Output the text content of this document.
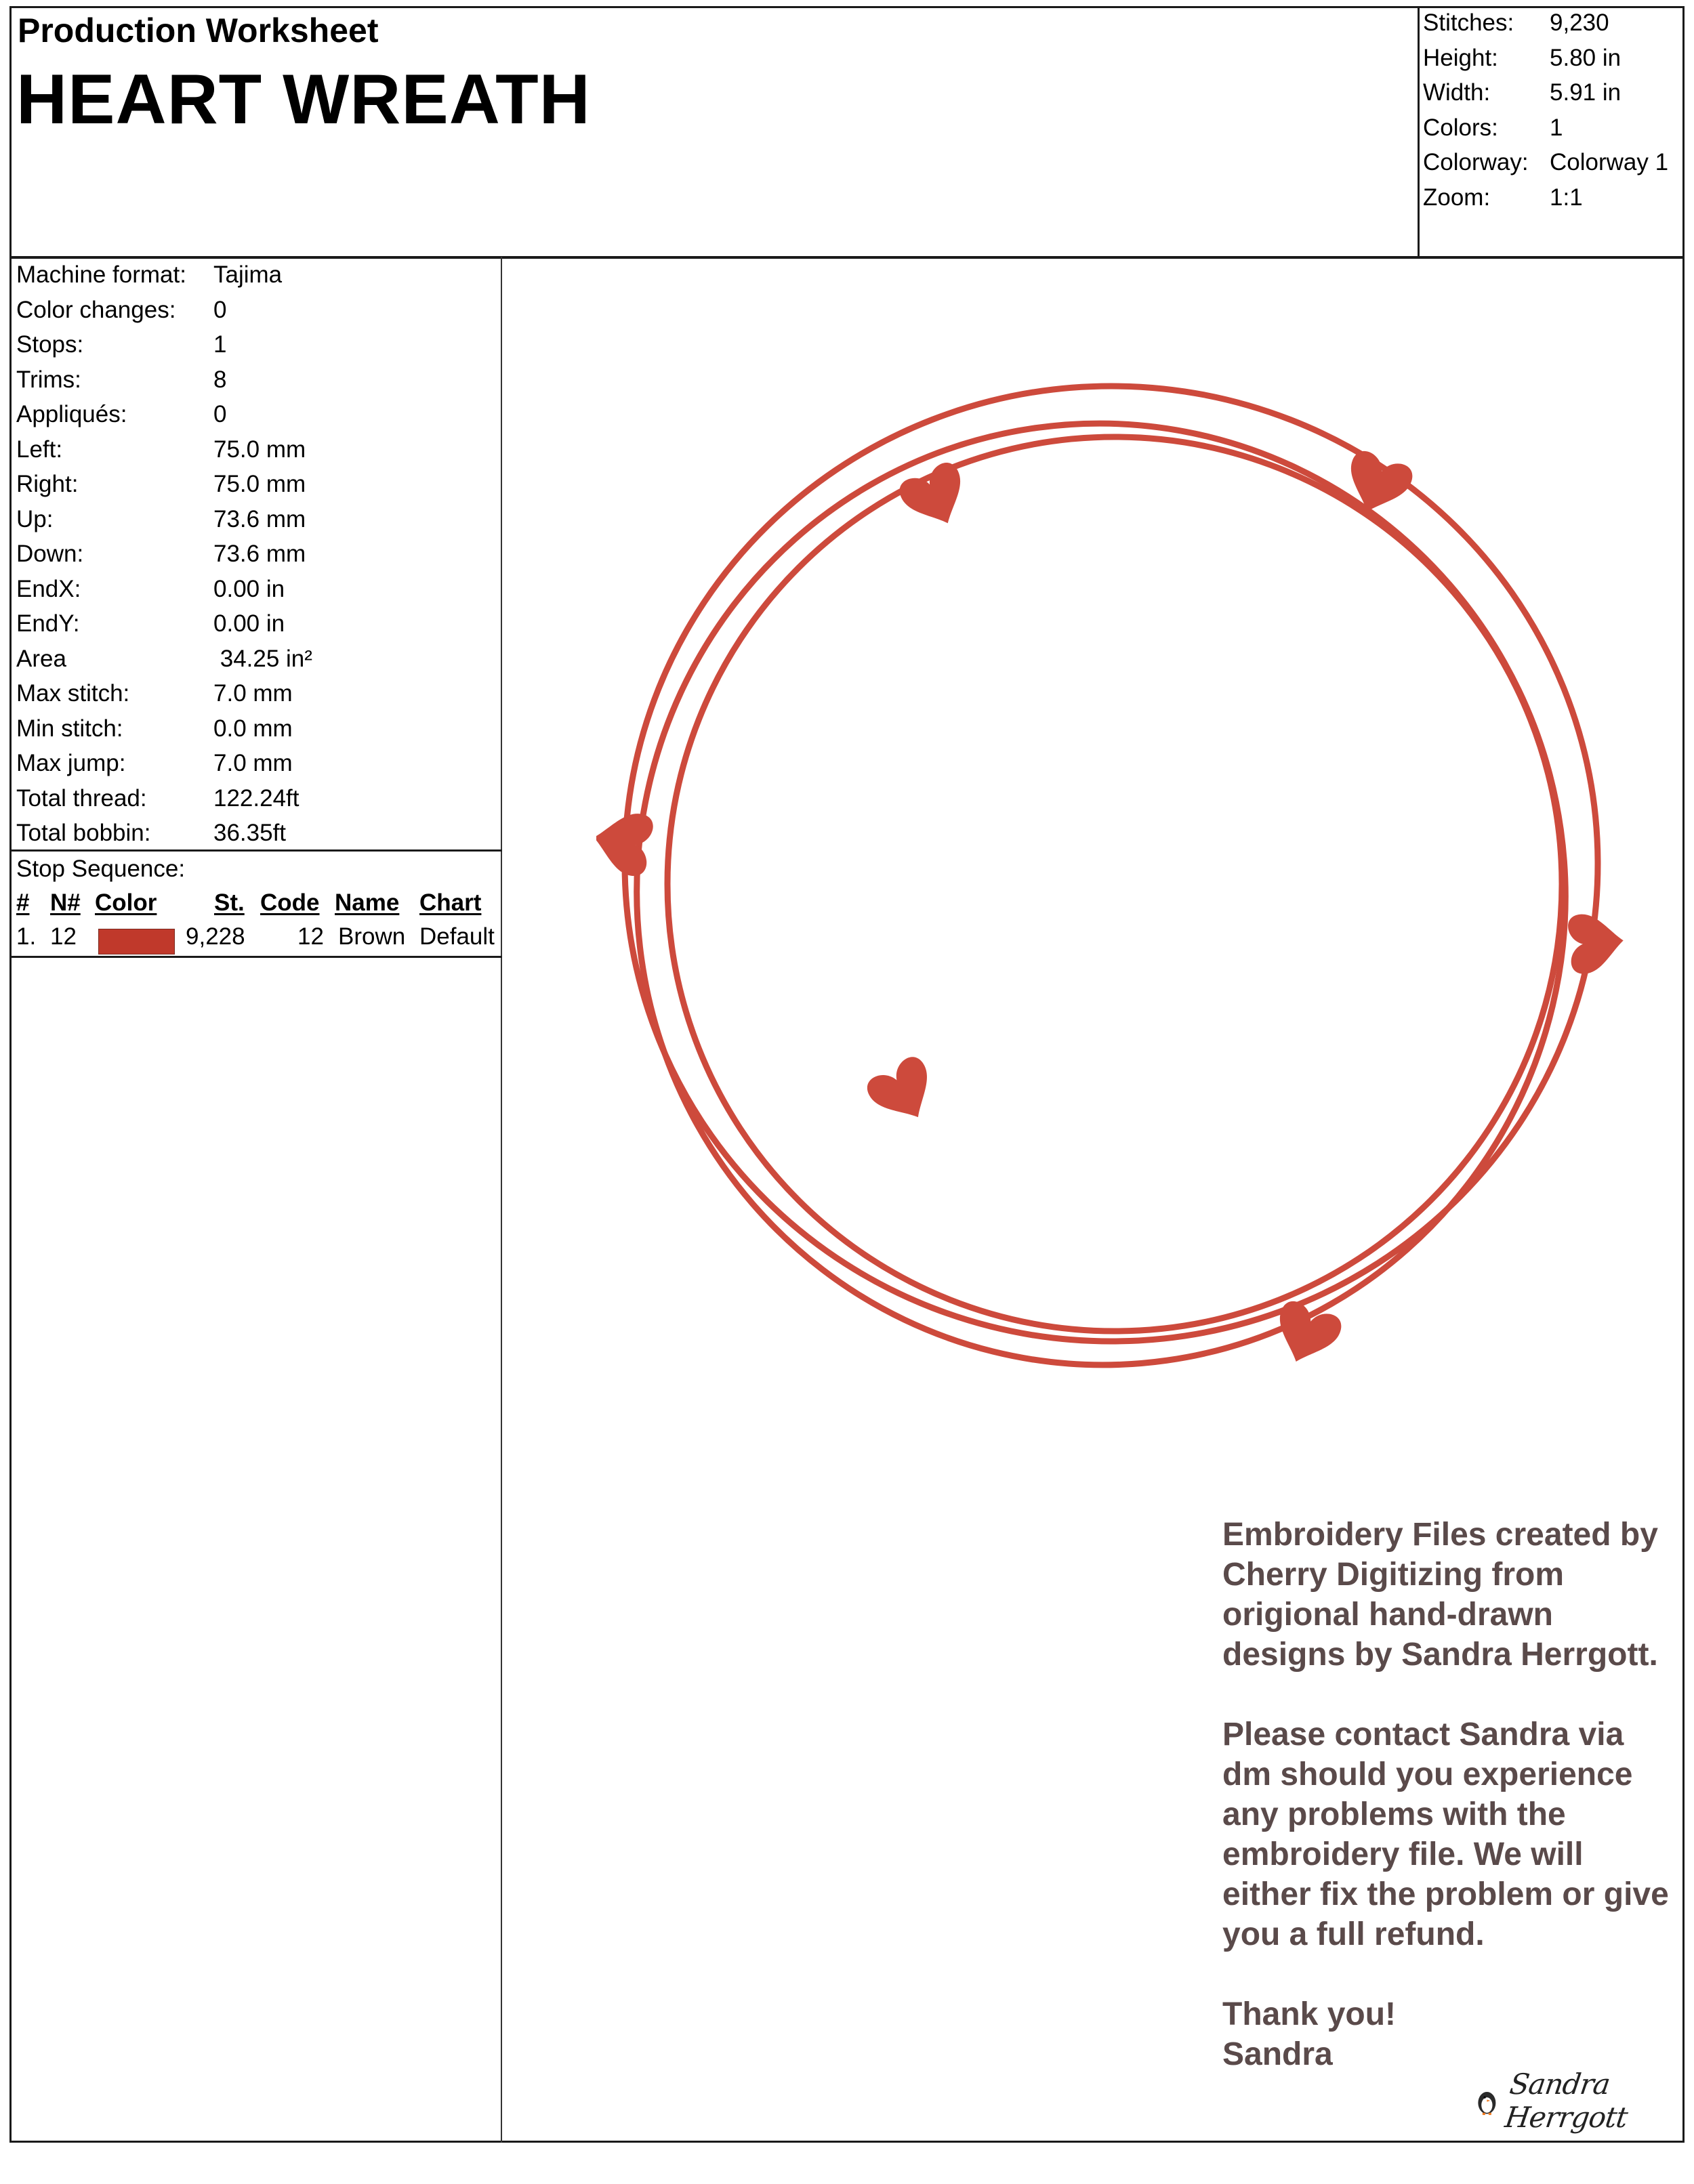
Production Worksheet
HEART WREATH
Stitches:	9,230
Height:	5.80 in
Width:	5.91 in
Colors:	1
Colorway: Colorway 1
Zoom:	1:1
Machine format:	Tajima
Color changes:	0
Stops:	1
Trims:	8
Appliqués:	0
Left:	75.0 mm
Right:	75.0 mm
Up:	73.6 mm
Down:	73.6 mm
EndX:	0.00 in
EndY:	0.00 in
Area	34.25 in²
Max stitch:	7.0 mm
Min stitch:	0.0 mm
Max jump:	7.0 mm
Total thread:	122.24ft
Total bobbin:	36.35ft
Stop Sequence:
# N# Color St. Code Name Chart
1. 12	9,228 12 Brown Default

Embroidery Files created by Cherry Digitizing from origional hand-drawn designs by Sandra Herrgott.

Please contact Sandra via dm should you experience any problems with the embroidery file. We will either fix the problem or give you a full refund.

Thank you!
Sandra

Sandra Herrgott
